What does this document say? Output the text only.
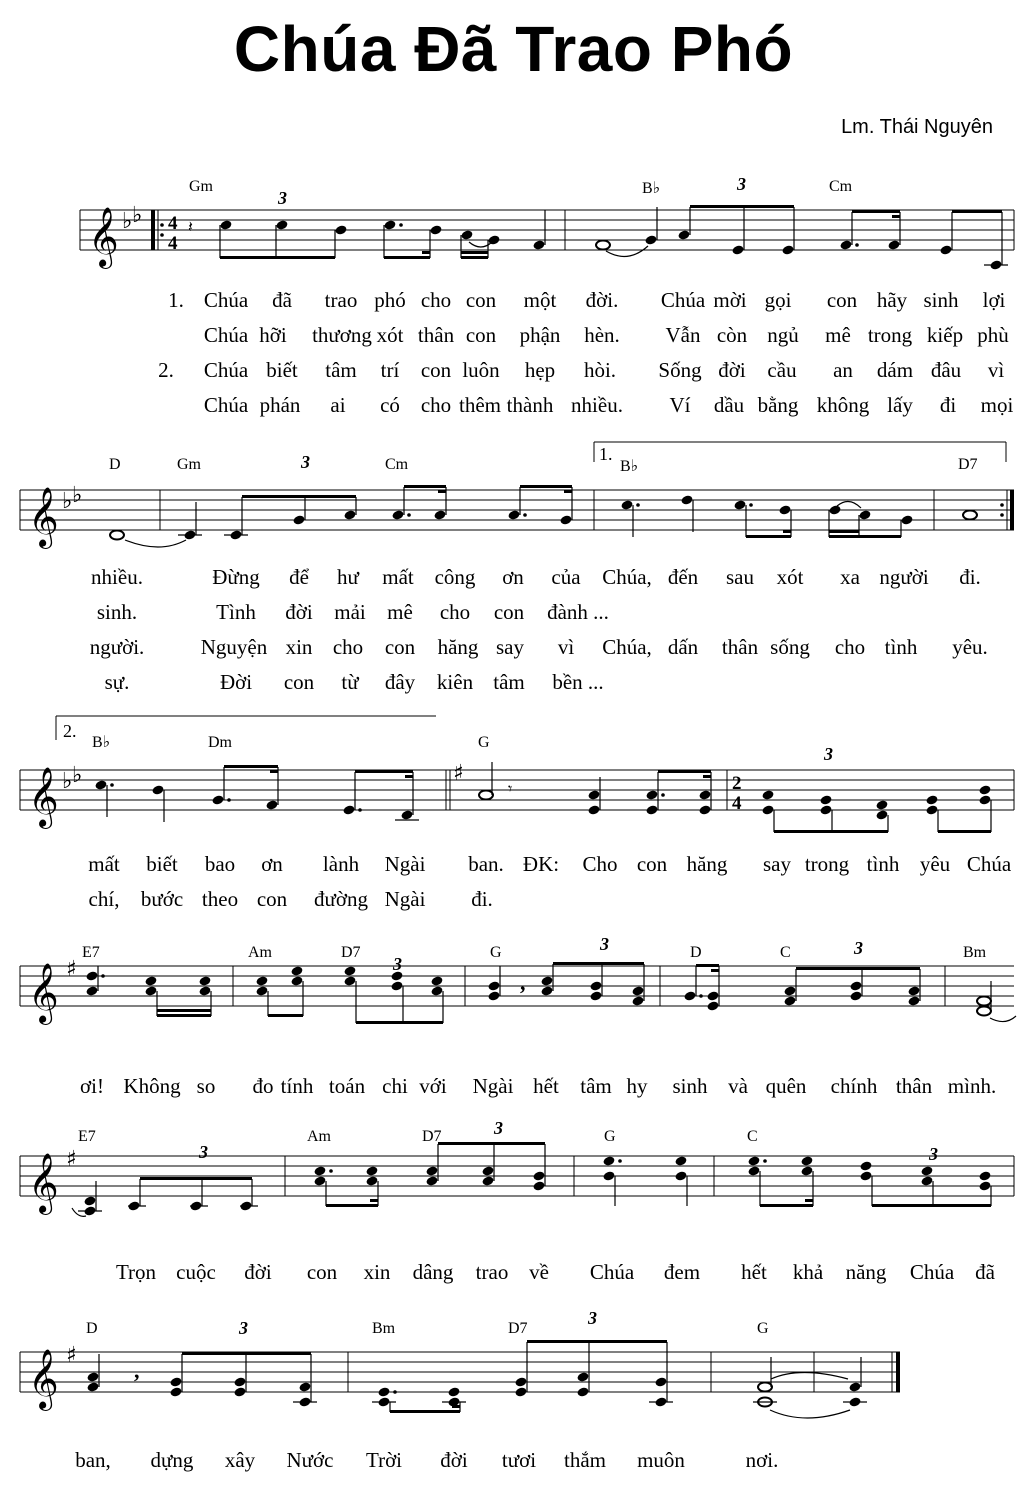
Chúa Đã Trao Phó
Lm. Thái Nguyên
𝄞 ♭ ♭ 4
4
𝄽
3
3
Gm	B♭	Cm
1. Chúa đã trao phó cho con một đời. Chúa mời gọi con hãy sinh lợi
Chúa hỡi thương xót thân con phận hèn. Vẫn còn ngủ mê trong kiếp phù
2. Chúa biết tâm trí con luôn hẹp hòi. Sống đời cầu an dám đâu vì
Chúa phán ai có cho thêm thành nhiều. Ví dầu bằng không lấy đi mọi
𝄞 ♭ ♭
1.
3
D	Gm	Cm	B♭	D7
nhiều.	Đừng để hư mất công ơn của Chúa, đến sau xót xa người đi.
sinh.	Tình đời mải mê cho con đành ...
người.	Nguyện xin cho con hăng say vì Chúa, dấn thân sống cho tình yêu.
sự.	Đời con từ đây kiên tâm bền ...
𝄞 ♭ ♭	♯
2.
2
4
𝄾
3
B♭	Dm	G
mất biết bao ơn lành Ngài ban. ĐK: Cho con hăng say trong tình yêu Chúa
chí, bước theo con đường Ngài đi.
𝄞 ♯
,
3
3	3
E7	Am	D7	G	D	C	Bm
ơi! Không so đo tính toán chi với Ngài hết tâm hy sinh và quên chính thân mình.
𝄞 ♯	3
3
3
E7	Am	D7	G	C
Trọn cuộc đời con xin dâng trao về Chúa đem hết khả năng Chúa đã
𝄞 ♯
,
3	3
D	Bm	D7	G
ban, dựng xây Nước Trời đời tươi thắm muôn	nơi.
